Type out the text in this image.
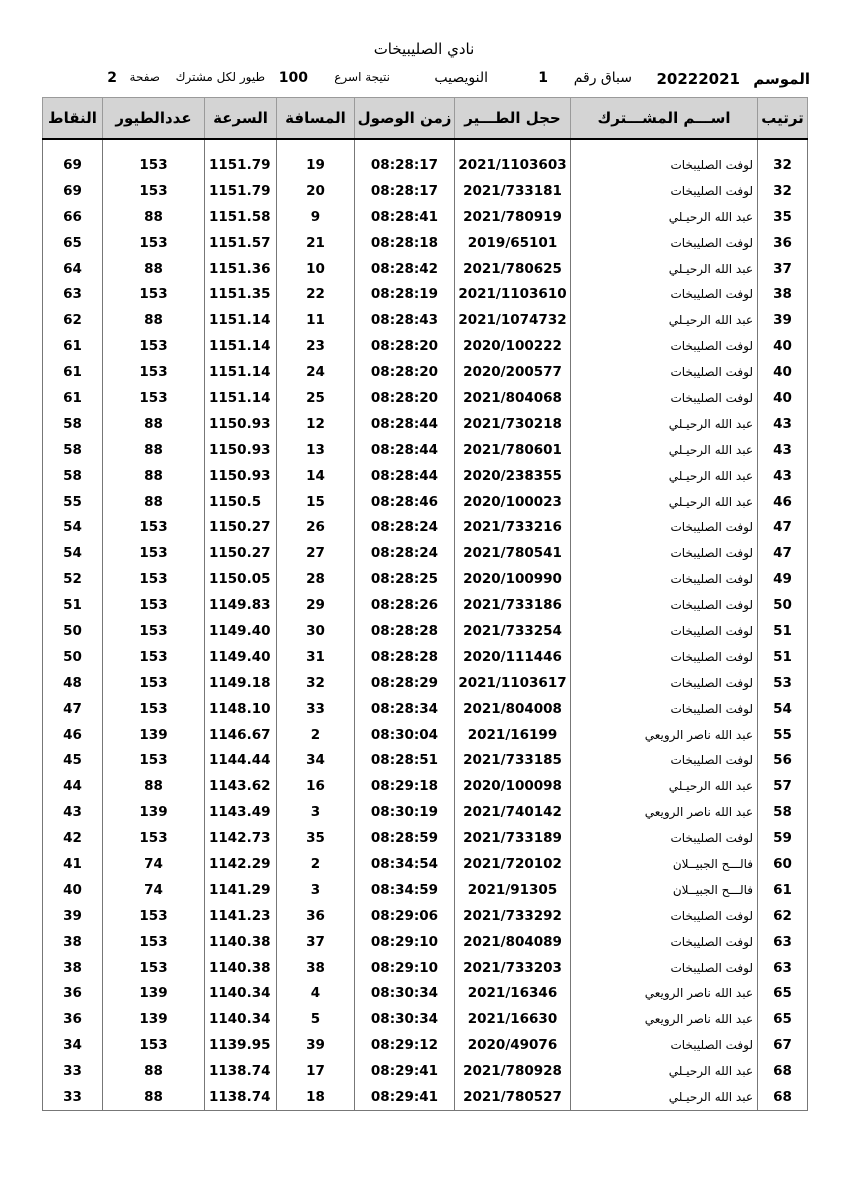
نادي الصليبيخات
الموسم
20222021
سباق رقم
1
النويصيب
نتيجة اسرع
100
طيور لكل مشترك
صفحة
2
ترتيب	اســـم المشـــترك	حجل الطـــير	زمن الوصول	المسافة	السرعة	عددالطيور	النقاط

32	لوفت الصليبخات	2021/1103603	08:28:17	19	1151.79	153	69
32	لوفت الصليبخات	2021/733181	08:28:17	20	1151.79	153	69
35	عبد الله الرحيـلي	2021/780919	08:28:41	9	1151.58	88	66
36	لوفت الصليبخات	2019/65101	08:28:18	21	1151.57	153	65
37	عبد الله الرحيـلي	2021/780625	08:28:42	10	1151.36	88	64
38	لوفت الصليبخات	2021/1103610	08:28:19	22	1151.35	153	63
39	عبد الله الرحيـلي	2021/1074732	08:28:43	11	1151.14	88	62
40	لوفت الصليبخات	2020/100222	08:28:20	23	1151.14	153	61
40	لوفت الصليبخات	2020/200577	08:28:20	24	1151.14	153	61
40	لوفت الصليبخات	2021/804068	08:28:20	25	1151.14	153	61
43	عبد الله الرحيـلي	2021/730218	08:28:44	12	1150.93	88	58
43	عبد الله الرحيـلي	2021/780601	08:28:44	13	1150.93	88	58
43	عبد الله الرحيـلي	2020/238355	08:28:44	14	1150.93	88	58
46	عبد الله الرحيـلي	2020/100023	08:28:46	15	1150.5	88	55
47	لوفت الصليبخات	2021/733216	08:28:24	26	1150.27	153	54
47	لوفت الصليبخات	2021/780541	08:28:24	27	1150.27	153	54
49	لوفت الصليبخات	2020/100990	08:28:25	28	1150.05	153	52
50	لوفت الصليبخات	2021/733186	08:28:26	29	1149.83	153	51
51	لوفت الصليبخات	2021/733254	08:28:28	30	1149.40	153	50
51	لوفت الصليبخات	2020/111446	08:28:28	31	1149.40	153	50
53	لوفت الصليبخات	2021/1103617	08:28:29	32	1149.18	153	48
54	لوفت الصليبخات	2021/804008	08:28:34	33	1148.10	153	47
55	عبد الله ناصر الرويعي	2021/16199	08:30:04	2	1146.67	139	46
56	لوفت الصليبخات	2021/733185	08:28:51	34	1144.44	153	45
57	عبد الله الرحيـلي	2020/100098	08:29:18	16	1143.62	88	44
58	عبد الله ناصر الرويعي	2021/740142	08:30:19	3	1143.49	139	43
59	لوفت الصليبخات	2021/733189	08:28:59	35	1142.73	153	42
60	فالـــح الجبيــلان	2021/720102	08:34:54	2	1142.29	74	41
61	فالـــح الجبيــلان	2021/91305	08:34:59	3	1141.29	74	40
62	لوفت الصليبخات	2021/733292	08:29:06	36	1141.23	153	39
63	لوفت الصليبخات	2021/804089	08:29:10	37	1140.38	153	38
63	لوفت الصليبخات	2021/733203	08:29:10	38	1140.38	153	38
65	عبد الله ناصر الرويعي	2021/16346	08:30:34	4	1140.34	139	36
65	عبد الله ناصر الرويعي	2021/16630	08:30:34	5	1140.34	139	36
67	لوفت الصليبخات	2020/49076	08:29:12	39	1139.95	153	34
68	عبد الله الرحيـلي	2021/780928	08:29:41	17	1138.74	88	33
68	عبد الله الرحيـلي	2021/780527	08:29:41	18	1138.74	88	33
